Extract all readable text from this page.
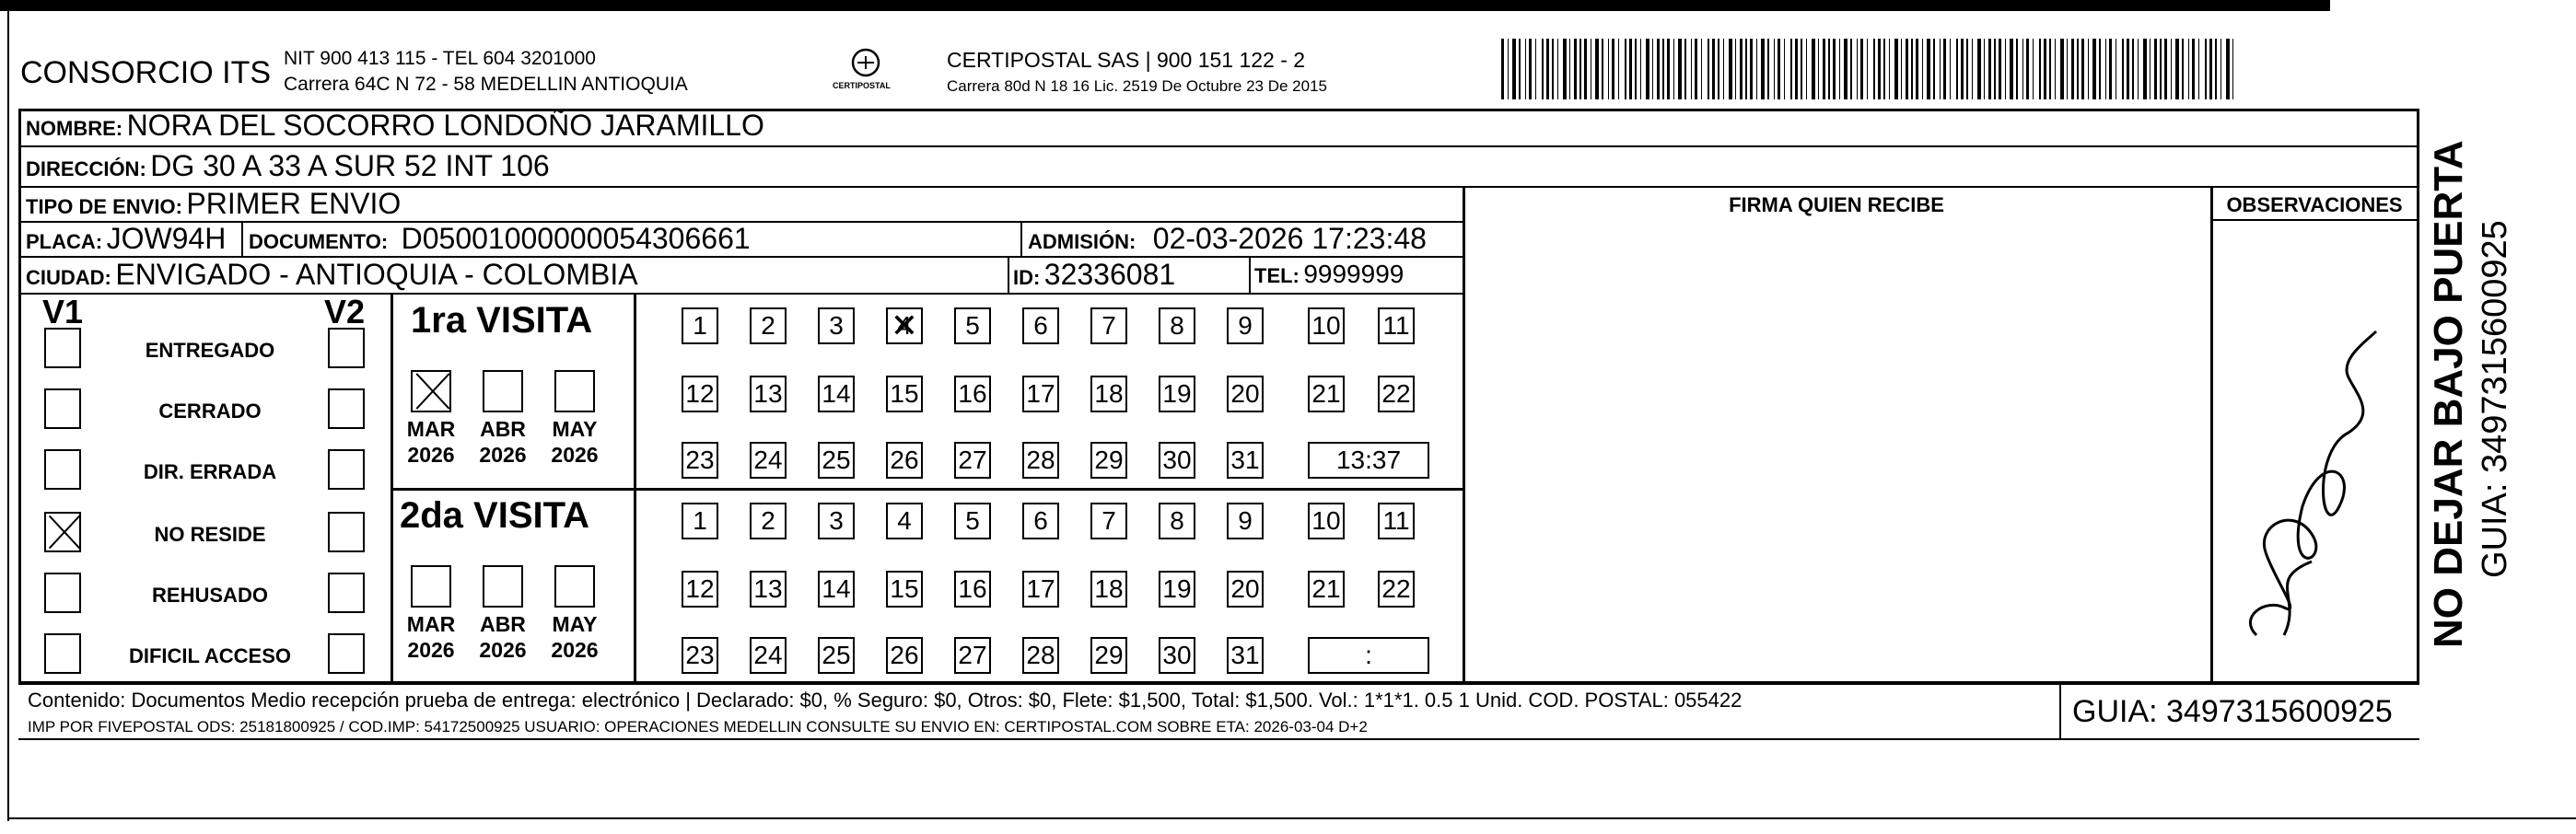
CONSORCIO ITS NIT 900 413 115 - TEL 604 3201000
Carrera 64C N 72 - 58 MEDELLIN ANTIOQUIA	CERTIPOSTAL
CERTIPOSTAL SAS | 900 151 122 - 2
Carrera 80d N 18 16 Lic. 2519 De Octubre 23 De 2015
NOMBRE: NORA DEL SOCORRO LONDOÑO JARAMILLO
DIRECCIÓN: DG 30 A 33 A SUR 52 INT 106
TIPO DE ENVIO: PRIMER ENVIO
PLACA: JOW94H DOCUMENTO: D05001000000054306661	ADMISIÓN: 02-03-2026 17:23:48
CIUDAD: ENVIGADO - ANTIOQUIA - COLOMBIA	ID: 32336081	TEL: 9999999
FIRMA QUIEN RECIBE	OBSERVACIONES
V1	V2
ENTREGADO
CERRADO
DIR. ERRADA
NO RESIDE
REHUSADO
DIFICIL ACCESO
1ra VISITA
2da VISITA
MAR
2026
ABR
2026
MAY
2026
1	2	3	4 ✕	5	6	7	8	9	10 11
12 13 14 15 16 17 18 19 20 21 22
23 24 25 26 27 28 29 30 31	13:37
MAR
2026
ABR
2026
MAY
2026
1	2	3	4	5	6	7	8	9	10 11
12 13 14 15 16 17 18 19 20 21 22
23 24 25 26 27 28 29 30 31	:
Contenido: Documentos Medio recepción prueba de entrega: electrónico | Declarado: $0, % Seguro: $0, Otros: $0, Flete: $1,500, Total: $1,500. Vol.: 1*1*1. 0.5 1 Unid. COD. POSTAL: 055422
IMP POR FIVEPOSTAL ODS: 25181800925 / COD.IMP: 54172500925 USUARIO: OPERACIONES MEDELLIN CONSULTE SU ENVIO EN: CERTIPOSTAL.COM SOBRE ETA: 2026-03-04 D+2	GUIA: 3497315600925
NO DEJAR BAJO PUERTA GUIA: 3497315600925
